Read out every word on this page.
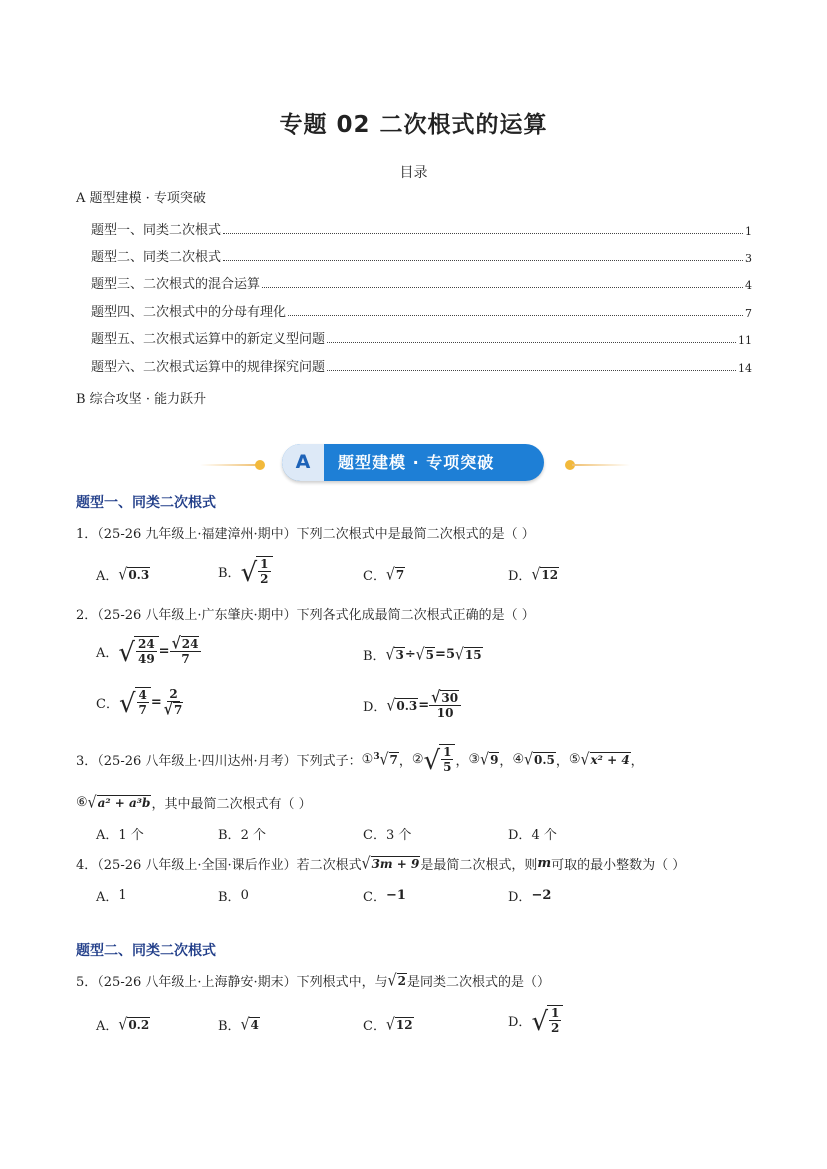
专题 02 二次根式的运算
目录
A 题型建模 · 专项突破
题型一、同类二次根式	1
题型二、同类二次根式	3
题型三、二次根式的混合运算	4
题型四、二次根式中的分母有理化	7
题型五、二次根式运算中的新定义型问题	11
题型六、二次根式运算中的规律探究问题	14
B 综合攻坚 · 能力跃升
A	题型建模 · 专项突破
题型一、同类二次根式
1．（25-26 九年级上·福建漳州·期中）下列二次根式中是最简二次根式的是（ ）
A． √ 0.3	B． √ $\frac{1}{2}$	C． √ 7	D． √ 12
2．（25-26 八年级上·广东肇庆·期中）下列各式化成最简二次根式正确的是（ ）
A． √ $\frac{24}{49} = \frac{√ 24}{7}$	B． √ 3 ÷ √ 5 = 5 √ 15
C． √ $\frac{4}{7} = \frac{2}{√ 7}$	D． √ $0.3 = \frac{√ 30}{10}$
3．（25-26 八年级上·四川达州·月考）下列式子： ① 3 √ 7 ， ② √ $\frac{1}{5}$ ， ③ √ 9 ， ④ √ 0.5 ， ⑤ √ x² + 4 ，
⑥ √ a² + a³b ，其中最简二次根式有（ ）
A． 1 个	B． 2 个	C． 3 个	D． 4 个
4．（25-26 八年级上·全国·课后作业）若二次根式 √ 3m + 9 是最简二次根式，则 m 可取的最小整数为（ ）
A． 1	B． 0	C． −1	D． −2
题型二、同类二次根式
5．（25-26 八年级上·上海静安·期末）下列根式中，与 √ 2 是同类二次根式的是（）
A． √ 0.2	B． √ 4	C． √ 12	D． √ $\frac{1}{2}$
